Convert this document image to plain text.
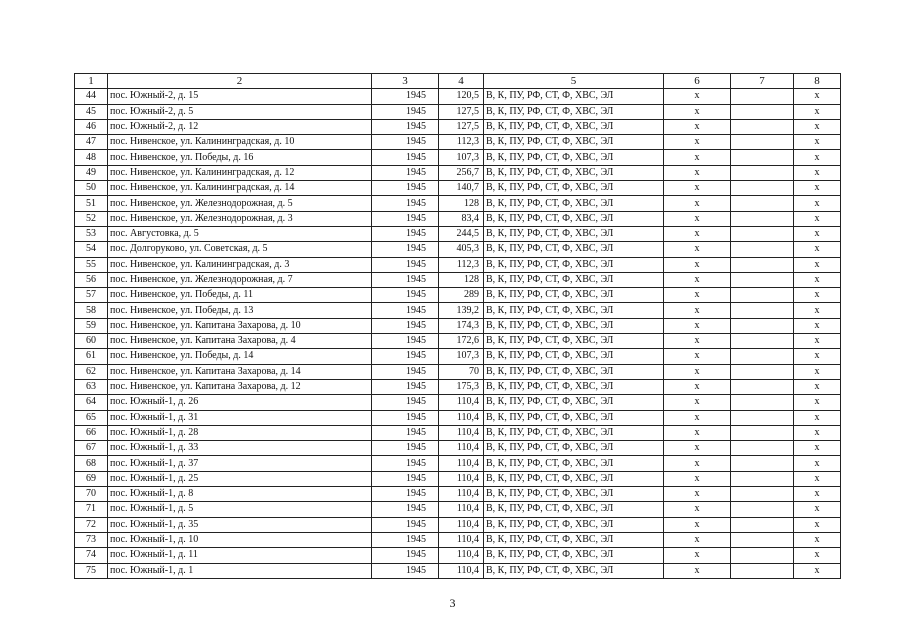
1	2	3	4	5	6	7	8
44	пос. Южный-2, д. 15	1945	120,5	В, К, ПУ, РФ, СТ, Ф, ХВС, ЭЛ	х		х
45	пос. Южный-2, д. 5	1945	127,5	В, К, ПУ, РФ, СТ, Ф, ХВС, ЭЛ	х		х
46	пос. Южный-2, д. 12	1945	127,5	В, К, ПУ, РФ, СТ, Ф, ХВС, ЭЛ	х		х
47	пос. Нивенское, ул. Калининградская, д. 10	1945	112,3	В, К, ПУ, РФ, СТ, Ф, ХВС, ЭЛ	х		х
48	пос. Нивенское, ул. Победы, д. 16	1945	107,3	В, К, ПУ, РФ, СТ, Ф, ХВС, ЭЛ	х		х
49	пос. Нивенское, ул. Калининградская, д. 12	1945	256,7	В, К, ПУ, РФ, СТ, Ф, ХВС, ЭЛ	х		х
50	пос. Нивенское, ул. Калининградская, д. 14	1945	140,7	В, К, ПУ, РФ, СТ, Ф, ХВС, ЭЛ	х		х
51	пос. Нивенское, ул. Железнодорожная, д. 5	1945	128	В, К, ПУ, РФ, СТ, Ф, ХВС, ЭЛ	х		х
52	пос. Нивенское, ул. Железнодорожная, д. 3	1945	83,4	В, К, ПУ, РФ, СТ, Ф, ХВС, ЭЛ	х		х
53	пос. Августовка, д. 5	1945	244,5	В, К, ПУ, РФ, СТ, Ф, ХВС, ЭЛ	х		х
54	пос. Долгоруково, ул. Советская, д. 5	1945	405,3	В, К, ПУ, РФ, СТ, Ф, ХВС, ЭЛ	х		х
55	пос. Нивенское, ул. Калининградская, д. 3	1945	112,3	В, К, ПУ, РФ, СТ, Ф, ХВС, ЭЛ	х		х
56	пос. Нивенское, ул. Железнодорожная, д. 7	1945	128	В, К, ПУ, РФ, СТ, Ф, ХВС, ЭЛ	х		х
57	пос. Нивенское, ул. Победы, д. 11	1945	289	В, К, ПУ, РФ, СТ, Ф, ХВС, ЭЛ	х		х
58	пос. Нивенское, ул. Победы, д. 13	1945	139,2	В, К, ПУ, РФ, СТ, Ф, ХВС, ЭЛ	х		х
59	пос. Нивенское, ул. Капитана Захарова, д. 10	1945	174,3	В, К, ПУ, РФ, СТ, Ф, ХВС, ЭЛ	х		х
60	пос. Нивенское, ул. Капитана Захарова, д. 4	1945	172,6	В, К, ПУ, РФ, СТ, Ф, ХВС, ЭЛ	х		х
61	пос. Нивенское, ул. Победы, д. 14	1945	107,3	В, К, ПУ, РФ, СТ, Ф, ХВС, ЭЛ	х		х
62	пос. Нивенское, ул. Капитана Захарова, д. 14	1945	70	В, К, ПУ, РФ, СТ, Ф, ХВС, ЭЛ	х		х
63	пос. Нивенское, ул. Капитана Захарова, д. 12	1945	175,3	В, К, ПУ, РФ, СТ, Ф, ХВС, ЭЛ	х		х
64	пос. Южный-1, д. 26	1945	110,4	В, К, ПУ, РФ, СТ, Ф, ХВС, ЭЛ	х		х
65	пос. Южный-1, д. 31	1945	110,4	В, К, ПУ, РФ, СТ, Ф, ХВС, ЭЛ	х		х
66	пос. Южный-1, д. 28	1945	110,4	В, К, ПУ, РФ, СТ, Ф, ХВС, ЭЛ	х		х
67	пос. Южный-1, д. 33	1945	110,4	В, К, ПУ, РФ, СТ, Ф, ХВС, ЭЛ	х		х
68	пос. Южный-1, д. 37	1945	110,4	В, К, ПУ, РФ, СТ, Ф, ХВС, ЭЛ	х		х
69	пос. Южный-1, д. 25	1945	110,4	В, К, ПУ, РФ, СТ, Ф, ХВС, ЭЛ	х		х
70	пос. Южный-1, д. 8	1945	110,4	В, К, ПУ, РФ, СТ, Ф, ХВС, ЭЛ	х		х
71	пос. Южный-1, д. 5	1945	110,4	В, К, ПУ, РФ, СТ, Ф, ХВС, ЭЛ	х		х
72	пос. Южный-1, д. 35	1945	110,4	В, К, ПУ, РФ, СТ, Ф, ХВС, ЭЛ	х		х
73	пос. Южный-1, д. 10	1945	110,4	В, К, ПУ, РФ, СТ, Ф, ХВС, ЭЛ	х		х
74	пос. Южный-1, д. 11	1945	110,4	В, К, ПУ, РФ, СТ, Ф, ХВС, ЭЛ	х		х
75	пос. Южный-1, д. 1	1945	110,4	В, К, ПУ, РФ, СТ, Ф, ХВС, ЭЛ	х		х
3
